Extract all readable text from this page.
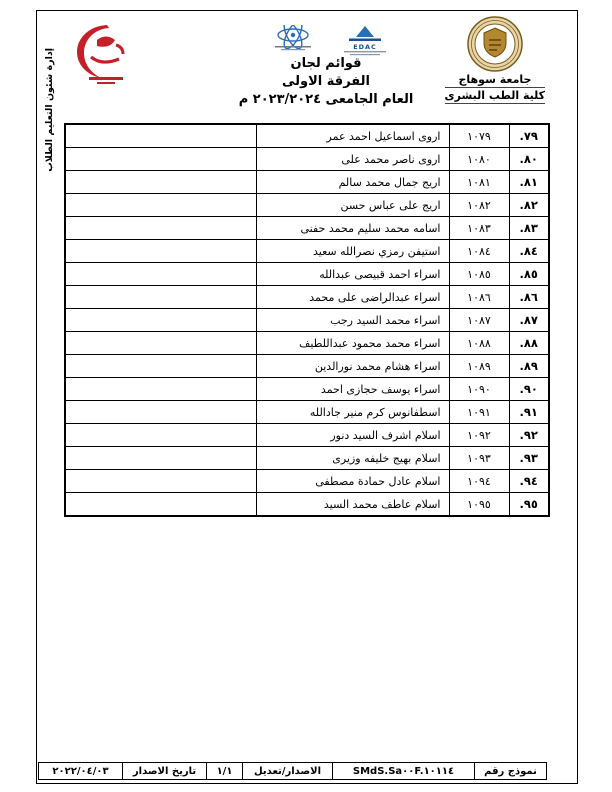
إدارة شئون التعليم الطلاب
EDAC
قوائم لجان
الفرقة الاولى
العام الجامعى ٢٠٢٣/٢٠٢٤ م
جامعة سوهاج
كلية الطب البشرى
٧٩.	١٠٧٩	اروى اسماعيل احمد عمر	
٨٠.	١٠٨٠	اروى ناصر محمد على	
٨١.	١٠٨١	اريج جمال محمد سالم	
٨٢.	١٠٨٢	اريج على عباس حسن	
٨٣.	١٠٨٣	اسامه محمد سليم محمد حفنى	
٨٤.	١٠٨٤	استيفن رمزي نصرالله سعيد	
٨٥.	١٠٨٥	اسراء احمد قبيصى عبدالله	
٨٦.	١٠٨٦	اسراء عبدالراضى على محمد	
٨٧.	١٠٨٧	اسراء محمد السيد رجب	
٨٨.	١٠٨٨	اسراء محمد محمود عبداللطيف	
٨٩.	١٠٨٩	اسراء هشام محمد نورالدين	
٩٠.	١٠٩٠	اسراء يوسف حجازى احمد	
٩١.	١٠٩١	اسطفانوس كرم منير جادالله	
٩٢.	١٠٩٢	اسلام اشرف السيد دنور	
٩٣.	١٠٩٣	اسلام بهيج خليفه وزيرى	
٩٤.	١٠٩٤	اسلام عادل حمادة مصطفى	
٩٥.	١٠٩٥	اسلام عاطف محمد السيد	
نموذج رقم	SMdS.Sa٠٠F.١٠١١٤	الاصدار/تعديل	١/١	تاريخ الاصدار	٢٠٢٢/٠٤/٠٣
